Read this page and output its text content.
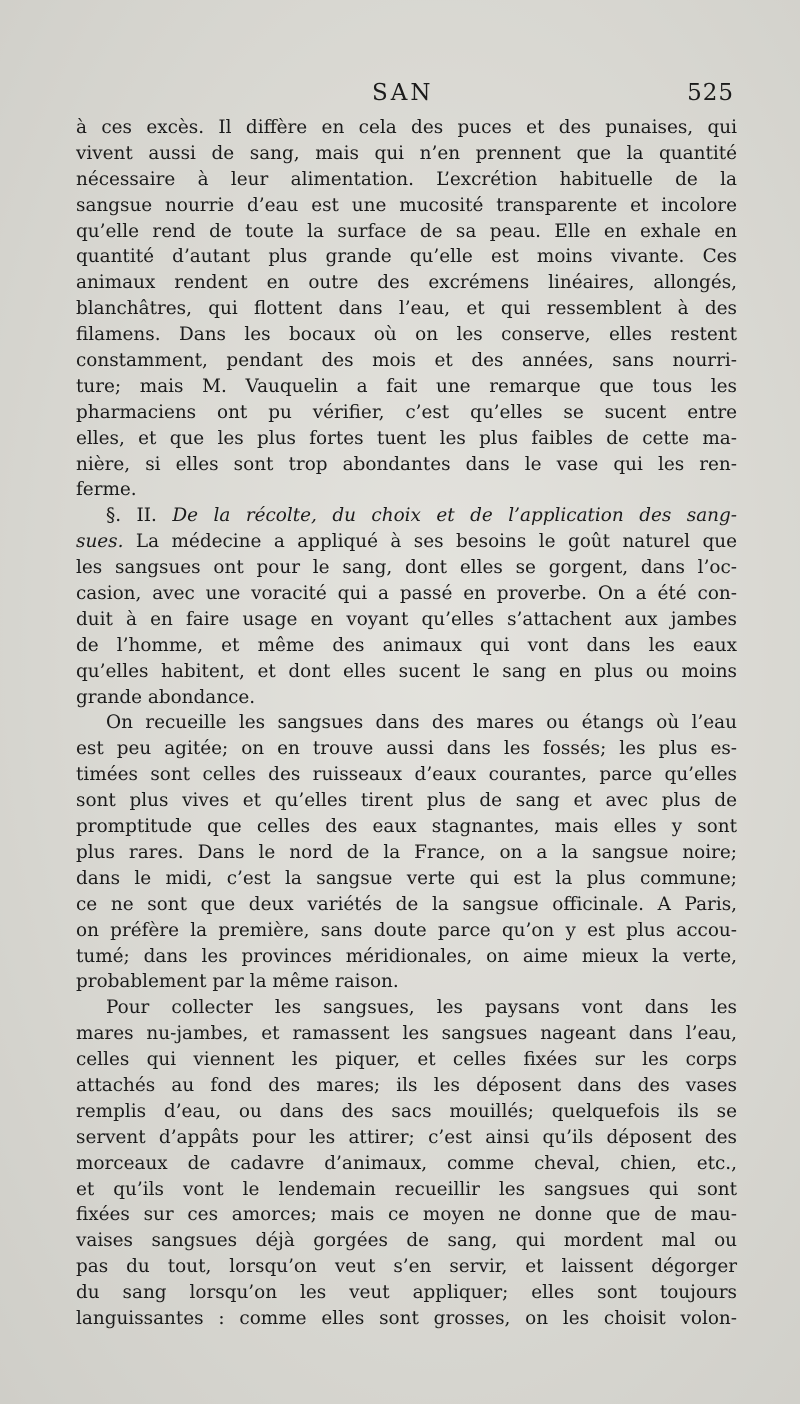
SAN	525
à ces excès. Il diffère en cela des puces et des punaises, qui
vivent aussi de sang, mais qui n’en prennent que la quantité
nécessaire à leur alimentation. L’excrétion habituelle de la
sangsue nourrie d’eau est une mucosité transparente et incolore
qu’elle rend de toute la surface de sa peau. Elle en exhale en
quantité d’autant plus grande qu’elle est moins vivante. Ces
animaux rendent en outre des excrémens linéaires, allongés,
blanchâtres, qui flottent dans l’eau, et qui ressemblent à des
filamens. Dans les bocaux où on les conserve, elles restent
constamment, pendant des mois et des années, sans nourri-
ture; mais M. Vauquelin a fait une remarque que tous les
pharmaciens ont pu vérifier, c’est qu’elles se sucent entre
elles, et que les plus fortes tuent les plus faibles de cette ma-
nière, si elles sont trop abondantes dans le vase qui les ren-
ferme.
§. II. De la récolte, du choix et de l’application des sang-
sues. La médecine a appliqué à ses besoins le goût naturel que
les sangsues ont pour le sang, dont elles se gorgent, dans l’oc-
casion, avec une voracité qui a passé en proverbe. On a été con-
duit à en faire usage en voyant qu’elles s’attachent aux jambes
de l’homme, et même des animaux qui vont dans les eaux
qu’elles habitent, et dont elles sucent le sang en plus ou moins
grande abondance.
On recueille les sangsues dans des mares ou étangs où l’eau
est peu agitée; on en trouve aussi dans les fossés; les plus es-
timées sont celles des ruisseaux d’eaux courantes, parce qu’elles
sont plus vives et qu’elles tirent plus de sang et avec plus de
promptitude que celles des eaux stagnantes, mais elles y sont
plus rares. Dans le nord de la France, on a la sangsue noire;
dans le midi, c’est la sangsue verte qui est la plus commune;
ce ne sont que deux variétés de la sangsue officinale. A Paris,
on préfère la première, sans doute parce qu’on y est plus accou-
tumé; dans les provinces méridionales, on aime mieux la verte,
probablement par la même raison.
Pour collecter les sangsues, les paysans vont dans les
mares nu-jambes, et ramassent les sangsues nageant dans l’eau,
celles qui viennent les piquer, et celles fixées sur les corps
attachés au fond des mares; ils les déposent dans des vases
remplis d’eau, ou dans des sacs mouillés; quelquefois ils se
servent d’appâts pour les attirer; c’est ainsi qu’ils déposent des
morceaux de cadavre d’animaux, comme cheval, chien, etc.,
et qu’ils vont le lendemain recueillir les sangsues qui sont
fixées sur ces amorces; mais ce moyen ne donne que de mau-
vaises sangsues déjà gorgées de sang, qui mordent mal ou
pas du tout, lorsqu’on veut s’en servir, et laissent dégorger
du sang lorsqu’on les veut appliquer; elles sont toujours
languissantes : comme elles sont grosses, on les choisit volon-
